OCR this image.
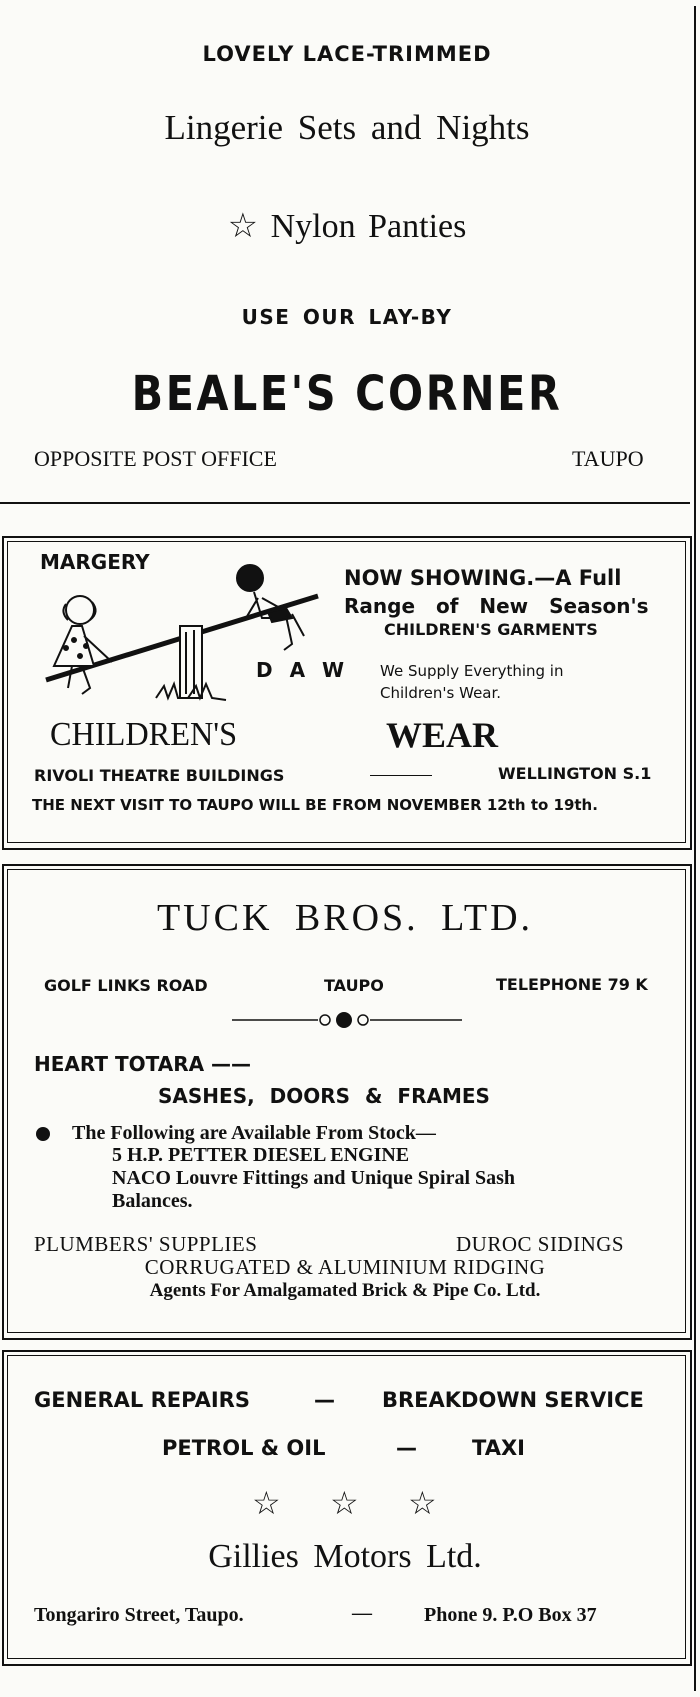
LOVELY LACE-TRIMMED
Lingerie Sets and Nights
☆ Nylon Panties
USE OUR LAY-BY
BEALE'S CORNER
OPPOSITE POST OFFICE	TAUPO
MARGERY
D A W
NOW SHOWING.—A Full
Range of New Season's
CHILDREN'S GARMENTS
We Supply Everything in
Children's Wear.
CHILDREN'S	WEAR
RIVOLI THEATRE BUILDINGS	WELLINGTON S.1
THE NEXT VISIT TO TAUPO WILL BE FROM NOVEMBER 12th to 19th.
TUCK BROS. LTD.
GOLF LINKS ROAD	TAUPO	TELEPHONE 79 K
HEART TOTARA ——
SASHES, DOORS & FRAMES
The Following are Available From Stock—
5 H.P. PETTER DIESEL ENGINE
NACO Louvre Fittings and Unique Spiral Sash
Balances.
PLUMBERS' SUPPLIES	DUROC SIDINGS
CORRUGATED & ALUMINIUM RIDGING
Agents For Amalgamated Brick & Pipe Co. Ltd.
GENERAL REPAIRS	— BREAKDOWN SERVICE
PETROL & OIL	—	TAXI
☆ ☆ ☆
Gillies Motors Ltd.
Tongariro Street, Taupo.	—	Phone 9. P.O Box 37
